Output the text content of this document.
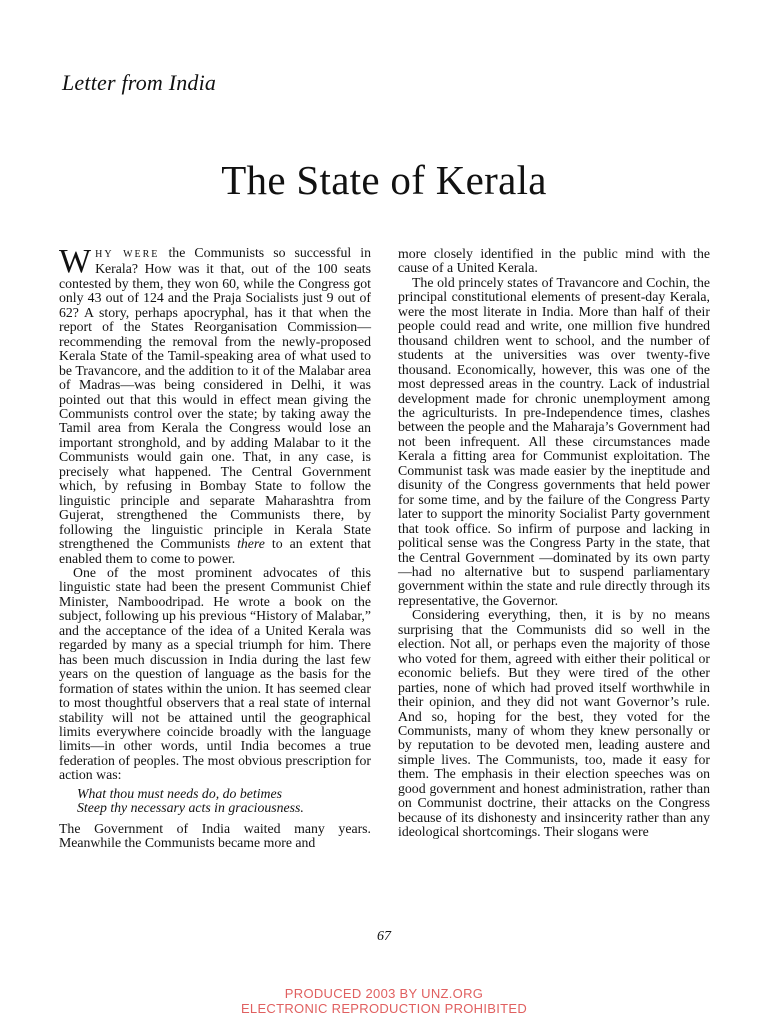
Letter from India
The State of Kerala

WHY WERE the Communists so successful in Kerala? How was it that, out of the 100 seats contested by them, they won 60, while the Congress got only 43 out of 124 and the Praja Socialists just 9 out of 62? A story, perhaps apocryphal, has it that when the report of the States Reorganisation Commission—recommending the removal from the newly-proposed Kerala State of the Tamil-speaking area of what used to be Travancore, and the addition to it of the Malabar area of Madras—was being considered in Delhi, it was pointed out that this would in effect mean giving the Communists control over the state; by taking away the Tamil area from Kerala the Congress would lose an important stronghold, and by adding Malabar to it the Communists would gain one. That, in any case, is precisely what happened. The Central Government which, by refusing in Bombay State to follow the linguistic principle and separate Maharashtra from Gujerat, strengthened the Communists there, by following the linguistic principle in Kerala State strengthened the Communists there to an extent that enabled them to come to power.

One of the most prominent advocates of this linguistic state had been the present Communist Chief Minister, Namboodripad. He wrote a book on the subject, following up his previous “History of Malabar,” and the acceptance of the idea of a United Kerala was regarded by many as a special triumph for him. There has been much discussion in India during the last few years on the question of language as the basis for the formation of states within the union. It has seemed clear to most thoughtful observers that a real state of internal stability will not be attained until the geographical limits everywhere coincide broadly with the language limits—in other words, until India becomes a true federation of peoples. The most obvious prescription for action was:

What thou must needs do, do betimes
Steep thy necessary acts in graciousness.

The Government of India waited many years. Meanwhile the Communists became more and

more closely identified in the public mind with the cause of a United Kerala.

The old princely states of Travancore and Cochin, the principal constitutional elements of present-day Kerala, were the most literate in India. More than half of their people could read and write, one million five hundred thousand children went to school, and the number of students at the universities was over twenty-five thousand. Economically, however, this was one of the most depressed areas in the country. Lack of industrial development made for chronic unemployment among the agriculturists. In pre-Independence times, clashes between the people and the Maharaja’s Government had not been infrequent. All these circumstances made Kerala a fitting area for Communist exploitation. The Communist task was made easier by the ineptitude and disunity of the Congress governments that held power for some time, and by the failure of the Congress Party later to support the minority Socialist Party government that took office. So infirm of purpose and lacking in political sense was the Congress Party in the state, that the Central Government —dominated by its own party—had no alternative but to suspend parliamentary government within the state and rule directly through its representative, the Governor.

Considering everything, then, it is by no means surprising that the Communists did so well in the election. Not all, or perhaps even the majority of those who voted for them, agreed with either their political or economic beliefs. But they were tired of the other parties, none of which had proved itself worthwhile in their opinion, and they did not want Governor’s rule. And so, hoping for the best, they voted for the Communists, many of whom they knew personally or by reputation to be devoted men, leading austere and simple lives. The Communists, too, made it easy for them. The emphasis in their election speeches was on good government and honest administration, rather than on Communist doctrine, their attacks on the Congress because of its dishonesty and insincerity rather than any ideological shortcomings. Their slogans were

67
PRODUCED 2003 BY UNZ.ORG
ELECTRONIC REPRODUCTION PROHIBITED
